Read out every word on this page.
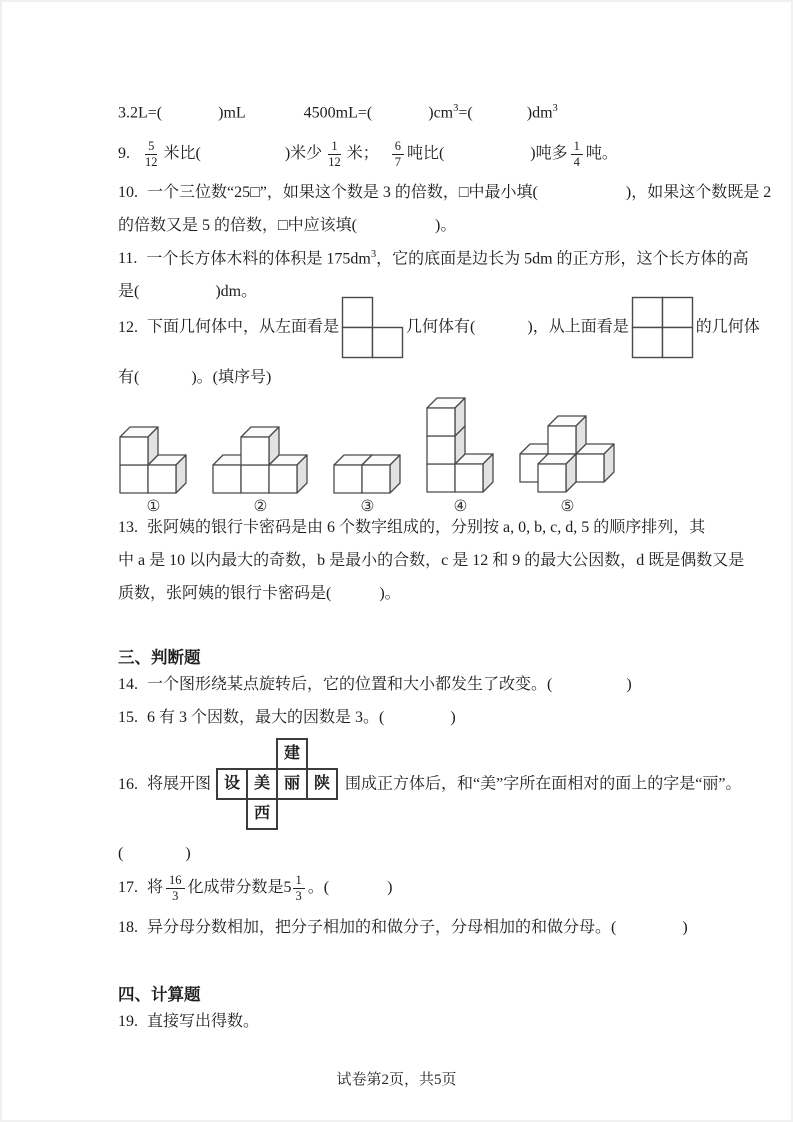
3.2L=(	)mL	4500mL=(	)$cm^3=$(	)$dm^3$
9. $\frac{5}{12}$ 米比(	)米少 $\frac{1}{12}$ 米； $\frac{6}{7}$ 吨比(	)吨多 $\frac{1}{4}$ 吨。
10. 一个三位数“25□”，如果这个数是 3 的倍数，□中最小填(	)，如果这个数既是 2
的倍数又是 5 的倍数，□中应该填(	)。
11. 一个长方体木料的体积是 $175dm^3$，它的底面是边长为 5dm 的正方形，这个长方体的高
是(	)dm。
12. 下面几何体中，从左面看是	几何体有(	)，从上面看是	的几何体
有(	)。(填序号)
①	②	③	④	⑤
13. 张阿姨的银行卡密码是由 6 个数字组成的，分别按 a, 0, b, c, d, 5 的顺序排列，其
中 a 是 10 以内最大的奇数，b 是最小的合数，c 是 12 和 9 的最大公因数，d 既是偶数又是
质数，张阿姨的银行卡密码是(	)。
三、判断题
14. 一个图形绕某点旋转后，它的位置和大小都发生了改变。(	)
15. 6 有 3 个因数，最大的因数是 3。(	)
16. 将展开图
建
设 美 丽 陕
西
围成正方体后，和“美”字所在面相对的面上的字是“丽”。
(	)
17. 将 $\frac{16}{3}$ 化成带分数是$5 \frac{1}{3}$ 。(	)
18. 异分母分数相加，把分子相加的和做分子，分母相加的和做分母。(	)
四、计算题
19. 直接写出得数。
试卷第2页，共5页
